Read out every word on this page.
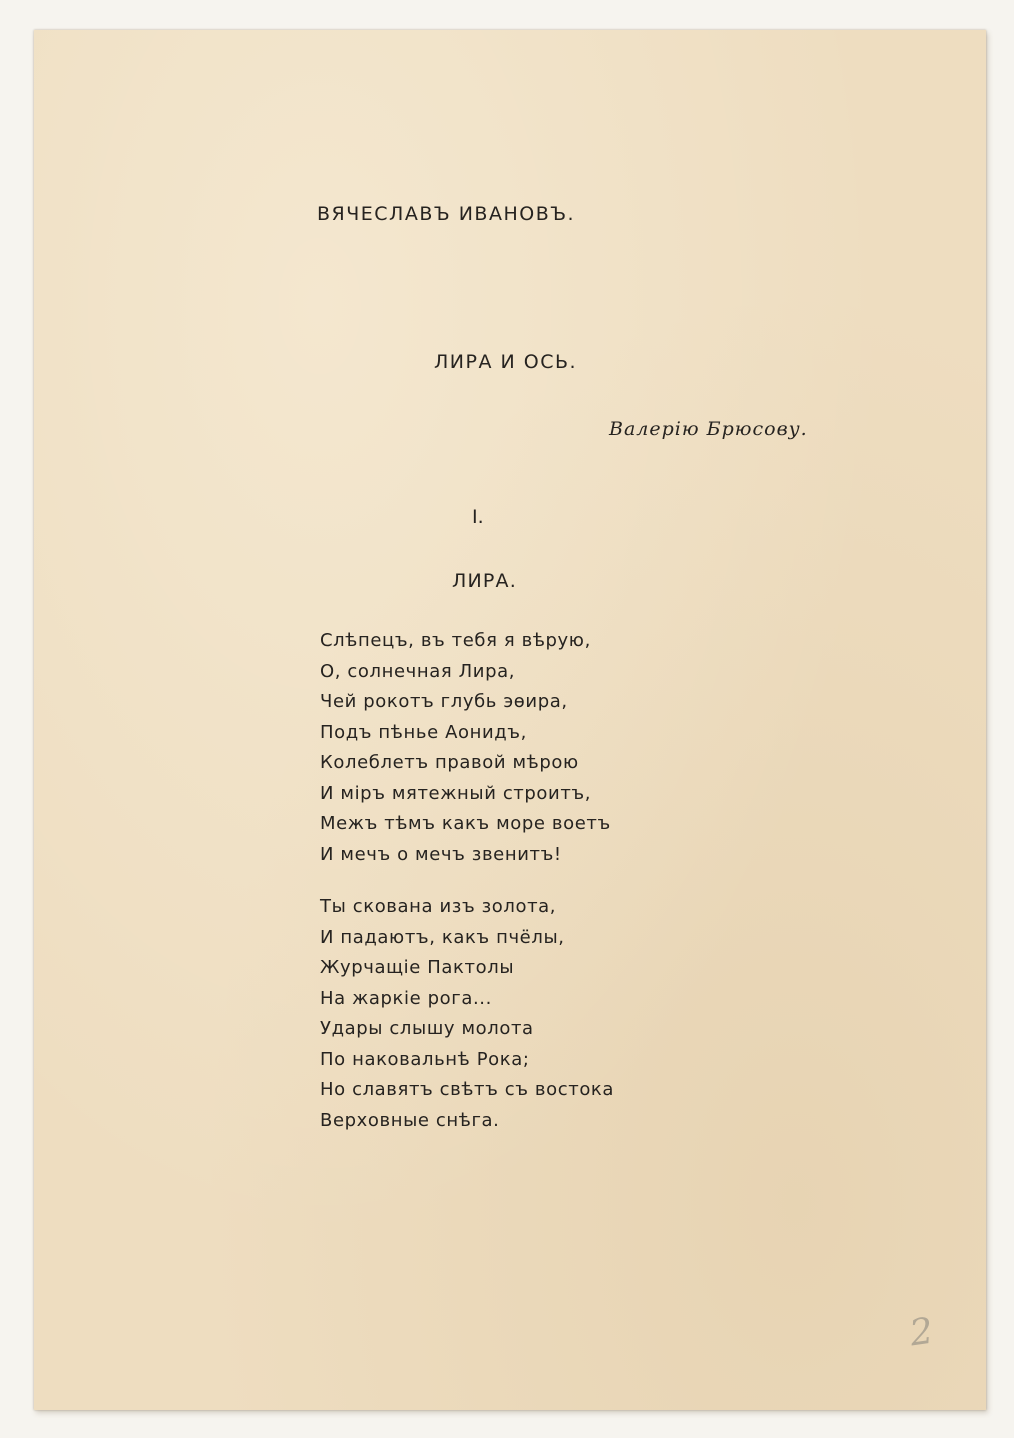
ВЯЧЕСЛАВЪ ИВАНОВЪ.
ЛИРА И ОСЬ.
Валерію Брюсову.
I.
ЛИРА.
Слѣпецъ, въ тебя я вѣрую,
О, солнечная Лира,
Чей рокотъ глубь эѳира,
Подъ пѣнье Аонидъ,
Колеблетъ правой мѣрою
И міръ мятежный строитъ,
Межъ тѣмъ какъ море воетъ
И мечъ о мечъ звенитъ!
Ты скована изъ золота,
И падаютъ, какъ пчёлы,
Журчащіе Пактолы
На жаркіе рога...
Удары слышу молота
По наковальнѣ Рока;
Но славятъ свѣтъ съ востока
Верховные снѣга.
2
